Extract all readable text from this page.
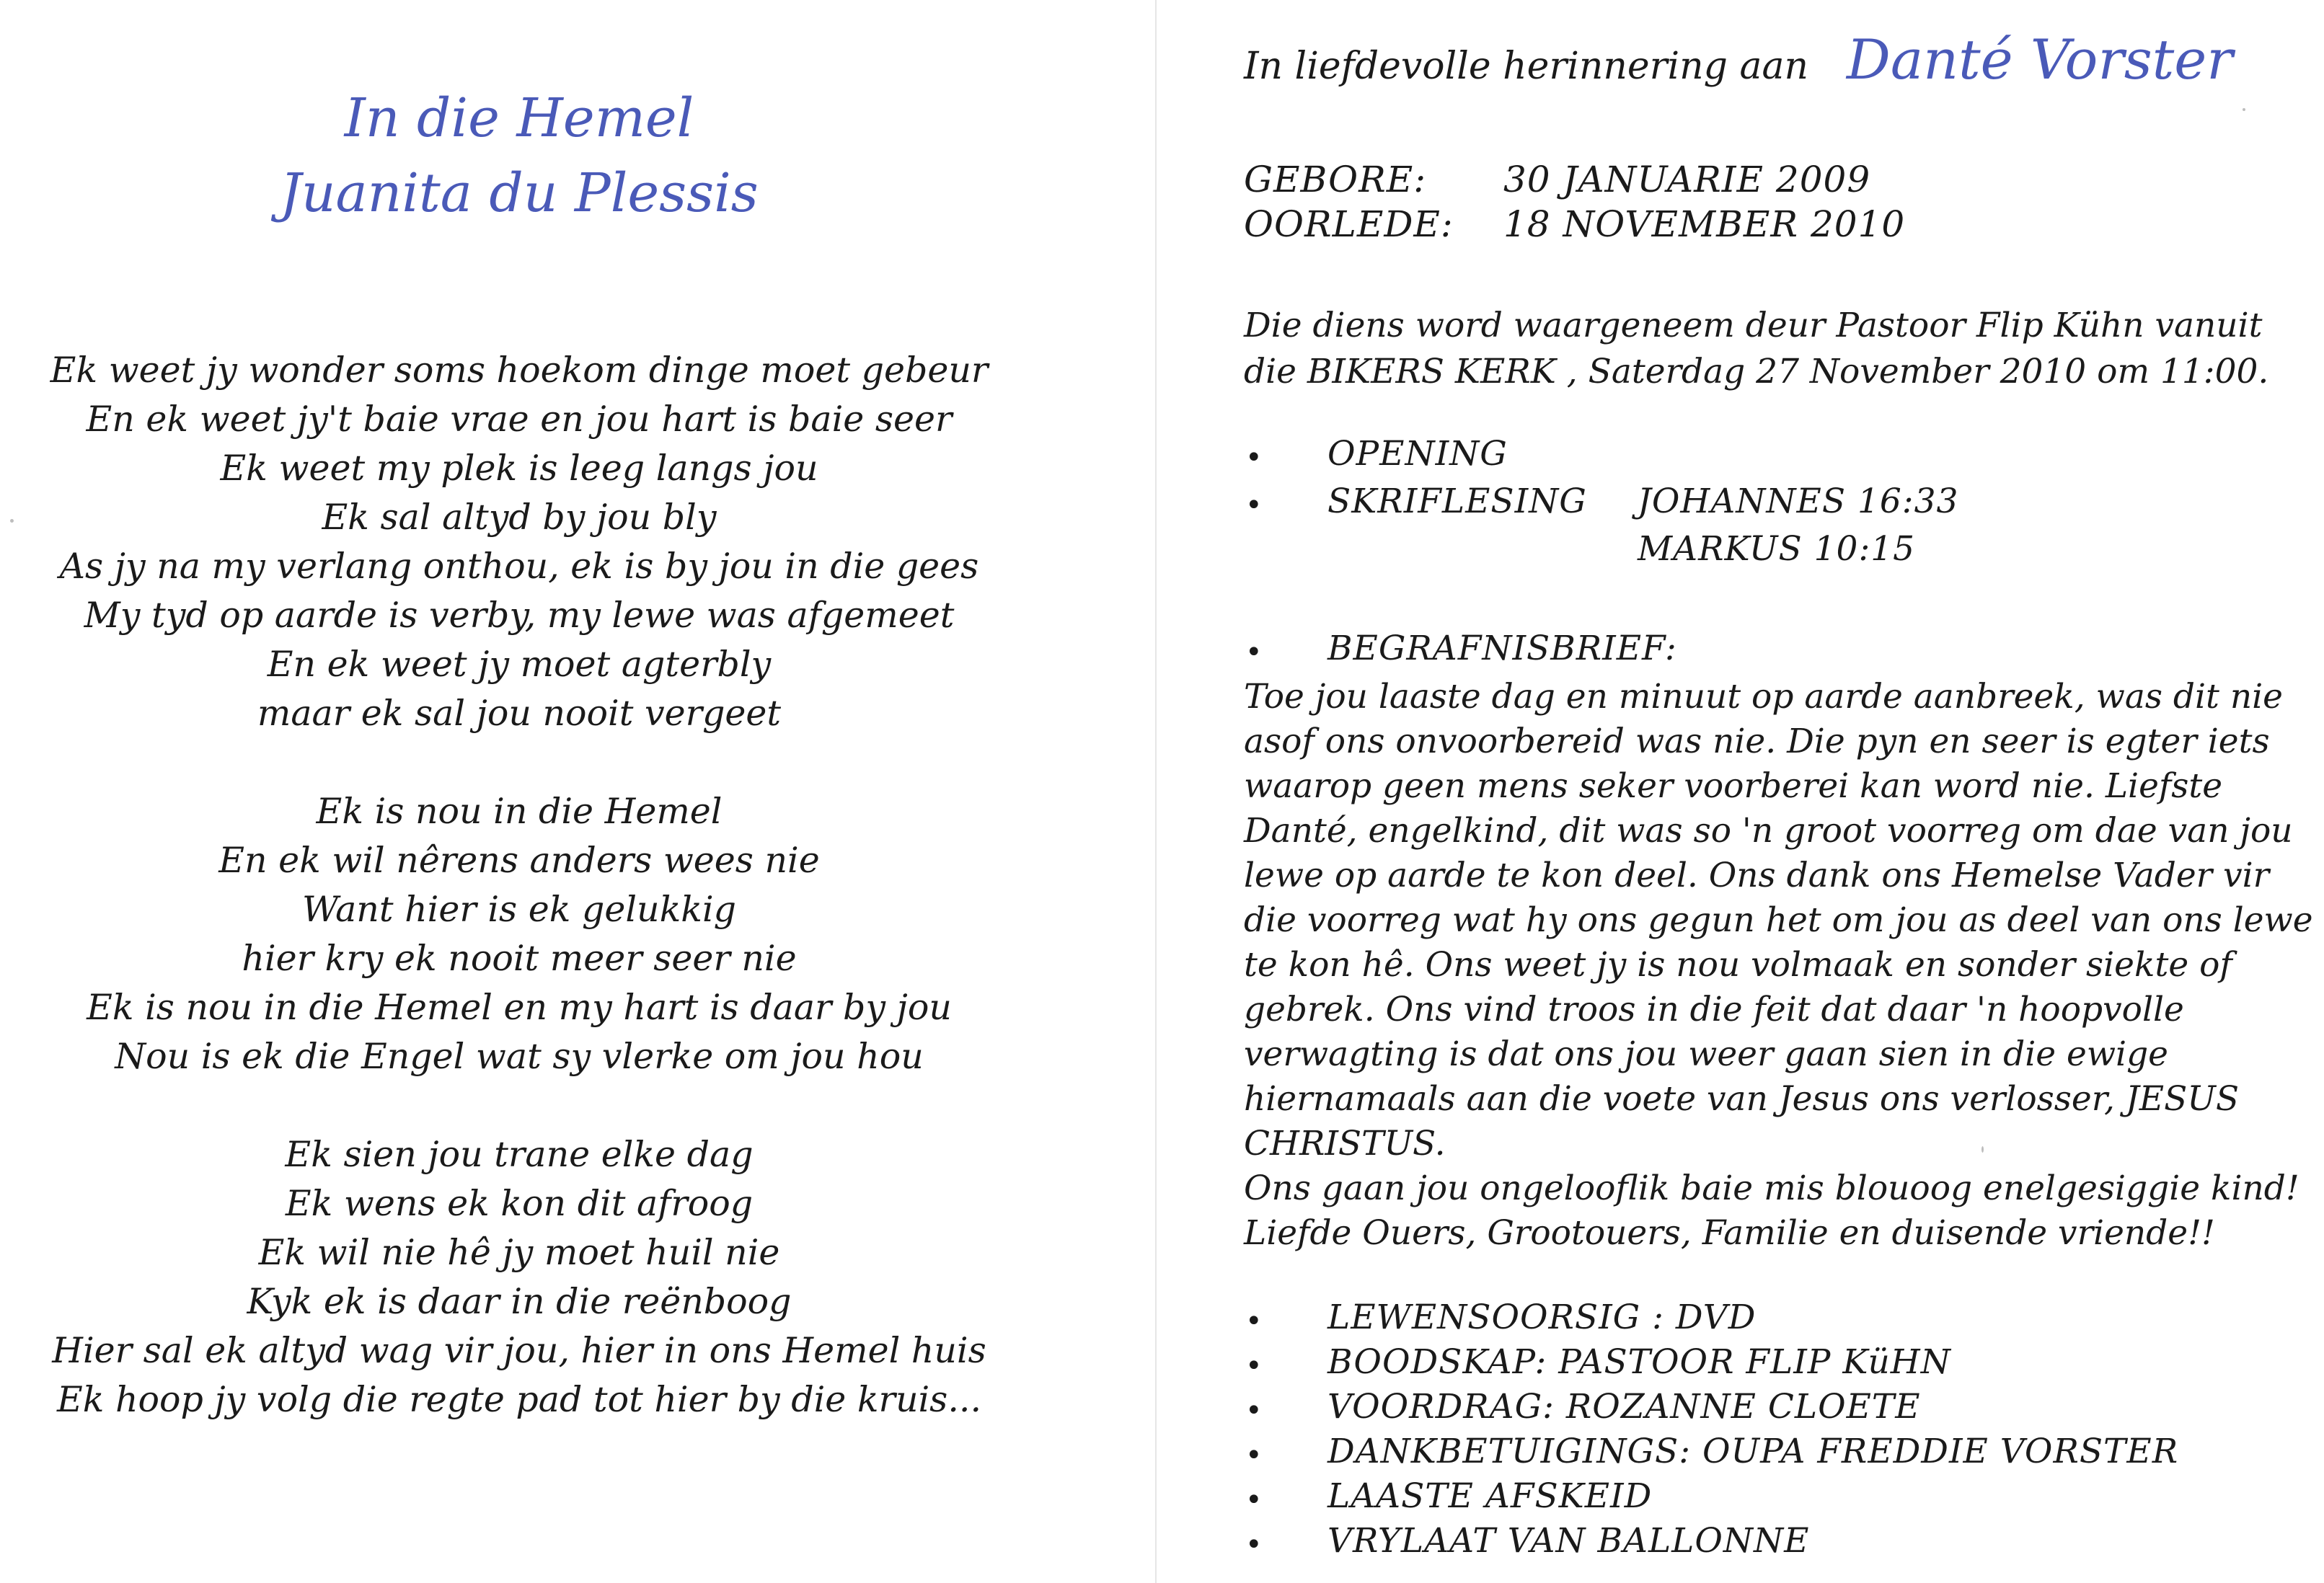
In die Hemel
Juanita du Plessis
Ek weet jy wonder soms hoekom dinge moet gebeur
En ek weet jy't baie vrae en jou hart is baie seer
Ek weet my plek is leeg langs jou
Ek sal altyd by jou bly
As jy na my verlang onthou, ek is by jou in die gees
My tyd op aarde is verby, my lewe was afgemeet
En ek weet jy moet agterbly
maar ek sal jou nooit vergeet
Ek is nou in die Hemel
En ek wil nêrens anders wees nie
Want hier is ek gelukkig
hier kry ek nooit meer seer nie
Ek is nou in die Hemel en my hart is daar by jou
Nou is ek die Engel wat sy vlerke om jou hou
Ek sien jou trane elke dag
Ek wens ek kon dit afroog
Ek wil nie hê jy moet huil nie
Kyk ek is daar in die reënboog
Hier sal ek altyd wag vir jou, hier in ons Hemel huis
Ek hoop jy volg die regte pad tot hier by die kruis...
In liefdevolle herinnering aan Danté Vorster
GEBORE: 30 JANUARIE 2009
OORLEDE: 18 NOVEMBER 2010
Die diens word waargeneem deur Pastoor Flip Kühn vanuit
die BIKERS KERK , Saterdag 27 November 2010 om 11:00.
• OPENING
• SKRIFLESING JOHANNES 16:33
MARKUS 10:15
• BEGRAFNISBRIEF:
Toe jou laaste dag en minuut op aarde aanbreek, was dit nie
asof ons onvoorbereid was nie. Die pyn en seer is egter iets
waarop geen mens seker voorberei kan word nie. Liefste
Danté, engelkind, dit was so 'n groot voorreg om dae van jou
lewe op aarde te kon deel. Ons dank ons Hemelse Vader vir
die voorreg wat hy ons gegun het om jou as deel van ons lewe
te kon hê. Ons weet jy is nou volmaak en sonder siekte of
gebrek. Ons vind troos in die feit dat daar 'n hoopvolle
verwagting is dat ons jou weer gaan sien in die ewige
hiernamaals aan die voete van Jesus ons verlosser, JESUS
CHRISTUS.
Ons gaan jou ongelooflik baie mis blouoog enelgesiggie kind!
Liefde Ouers, Grootouers, Familie en duisende vriende!!
• LEWENSOORSIG : DVD
• BOODSKAP: PASTOOR FLIP KüHN
• VOORDRAG: ROZANNE CLOETE
• DANKBETUIGINGS: OUPA FREDDIE VORSTER
• LAASTE AFSKEID
• VRYLAAT VAN BALLONNE
